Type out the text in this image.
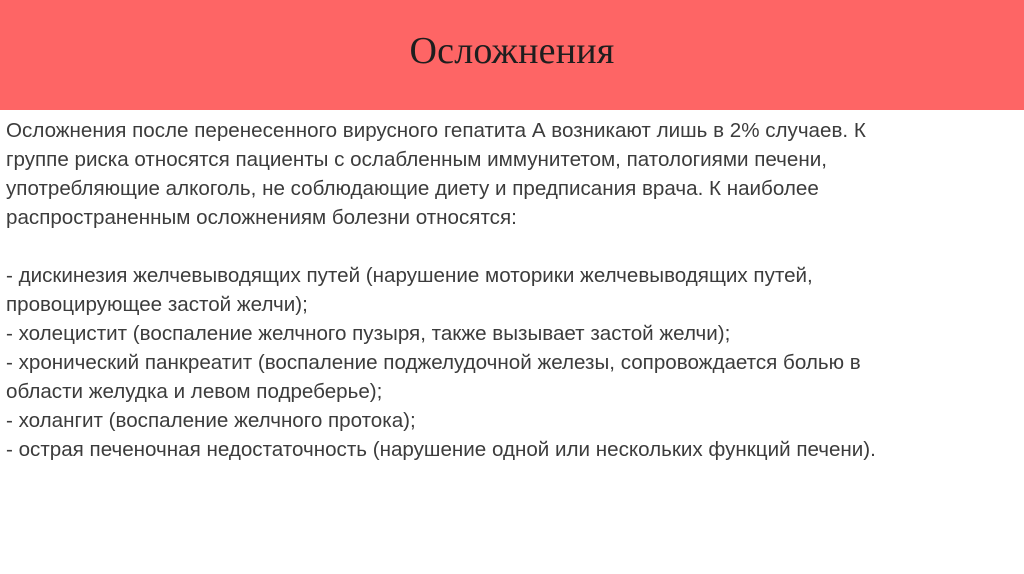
Осложнения

Осложнения после перенесенного вирусного гепатита А возникают лишь в 2% случаев. К

группе риска относятся пациенты с ослабленным иммунитетом, патологиями печени,

употребляющие алкоголь, не соблюдающие диету и предписания врача. К наиболее

распространенным осложнениям болезни относятся:

- дискинезия желчевыводящих путей (нарушение моторики желчевыводящих путей,

провоцирующее застой желчи);

- холецистит (воспаление желчного пузыря, также вызывает застой желчи);

- хронический панкреатит (воспаление поджелудочной железы, сопровождается болью в

области желудка и левом подреберье);

- холангит (воспаление желчного протока);

- острая печеночная недостаточность (нарушение одной или нескольких функций печени).
